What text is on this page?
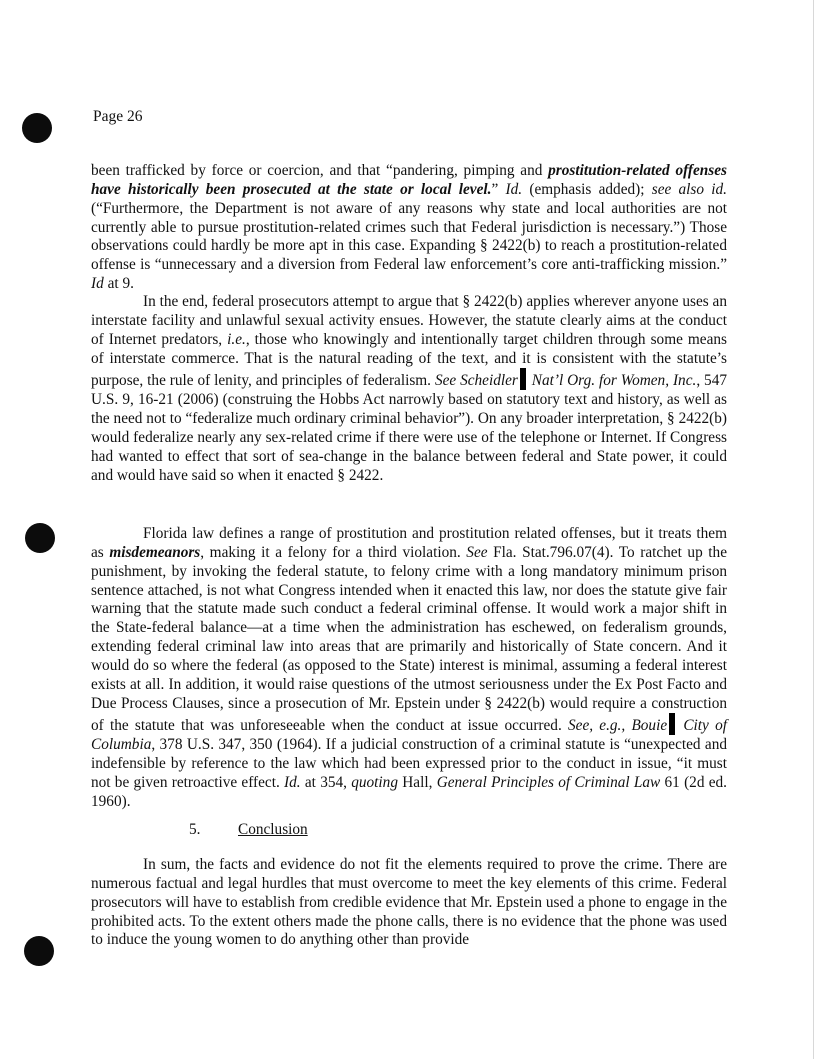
Page 26

been trafficked by force or coercion, and that “pandering, pimping and prostitution-related offenses have historically been prosecuted at the state or local level.” Id. (emphasis added); see also id. (“Furthermore, the Department is not aware of any reasons why state and local authorities are not currently able to pursue prostitution-related crimes such that Federal jurisdiction is necessary.”) Those observations could hardly be more apt in this case. Expanding § 2422(b) to reach a prostitution-related offense is “unnecessary and a diversion from Federal law enforcement’s core anti-trafficking mission.” Id at 9.

In the end, federal prosecutors attempt to argue that § 2422(b) applies wherever anyone uses an interstate facility and unlawful sexual activity ensues. However, the statute clearly aims at the conduct of Internet predators, i.e., those who knowingly and intentionally target children through some means of interstate commerce. That is the natural reading of the text, and it is consistent with the statute’s purpose, the rule of lenity, and principles of federalism. See Scheidler Nat’l Org. for Women, Inc., 547 U.S. 9, 16-21 (2006) (construing the Hobbs Act narrowly based on statutory text and history, as well as the need not to “federalize much ordinary criminal behavior”). On any broader interpretation, § 2422(b) would federalize nearly any sex-related crime if there were use of the telephone or Internet. If Congress had wanted to effect that sort of sea-change in the balance between federal and State power, it could and would have said so when it enacted § 2422.

Florida law defines a range of prostitution and prostitution related offenses, but it treats them as misdemeanors, making it a felony for a third violation. See Fla. Stat.796.07(4). To ratchet up the punishment, by invoking the federal statute, to felony crime with a long mandatory minimum prison sentence attached, is not what Congress intended when it enacted this law, nor does the statute give fair warning that the statute made such conduct a federal criminal offense. It would work a major shift in the State-federal balance—at a time when the administration has eschewed, on federalism grounds, extending federal criminal law into areas that are primarily and historically of State concern. And it would do so where the federal (as opposed to the State) interest is minimal, assuming a federal interest exists at all. In addition, it would raise questions of the utmost seriousness under the Ex Post Facto and Due Process Clauses, since a prosecution of Mr. Epstein under § 2422(b) would require a construction of the statute that was unforeseeable when the conduct at issue occurred. See, e.g., Bouie City of Columbia, 378 U.S. 347, 350 (1964). If a judicial construction of a criminal statute is “unexpected and indefensible by reference to the law which had been expressed prior to the conduct in issue, “it must not be given retroactive effect. Id. at 354, quoting Hall, General Principles of Criminal Law 61 (2d ed. 1960).

5. Conclusion

In sum, the facts and evidence do not fit the elements required to prove the crime. There are numerous factual and legal hurdles that must overcome to meet the key elements of this crime. Federal prosecutors will have to establish from credible evidence that Mr. Epstein used a phone to engage in the prohibited acts. To the extent others made the phone calls, there is no evidence that the phone was used to induce the young women to do anything other than provide
